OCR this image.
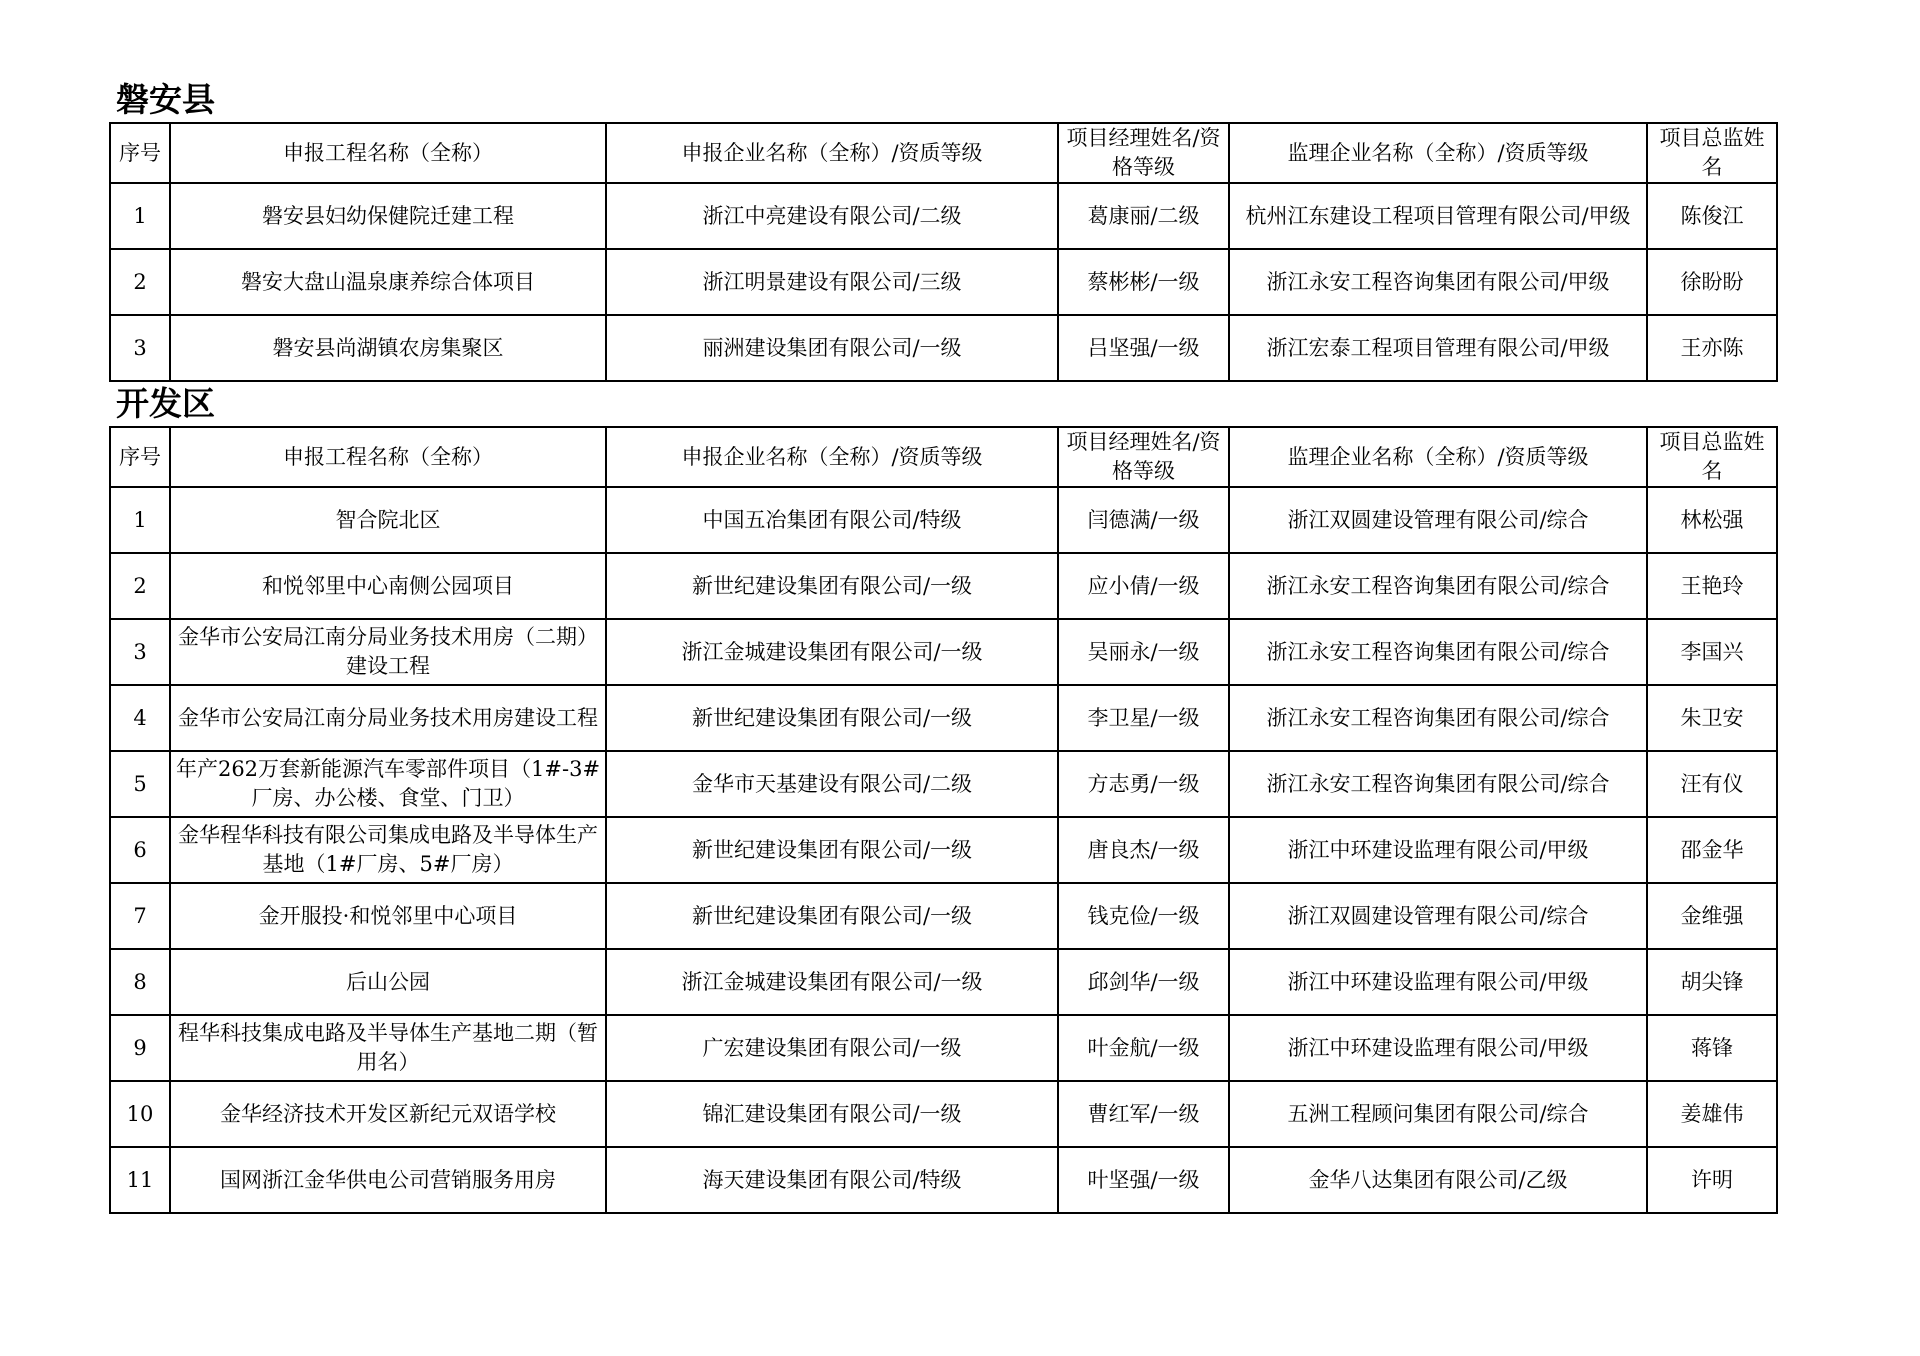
磐安县
序号	申报工程名称（全称）	申报企业名称（全称）/资质等级	项目经理姓名/资格等级	监理企业名称（全称）/资质等级	项目总监姓名
1	磐安县妇幼保健院迁建工程	浙江中亮建设有限公司/二级	葛康丽/二级	杭州江东建设工程项目管理有限公司/甲级	陈俊江
2	磐安大盘山温泉康养综合体项目	浙江明景建设有限公司/三级	蔡彬彬/一级	浙江永安工程咨询集团有限公司/甲级	徐盼盼
3	磐安县尚湖镇农房集聚区	丽洲建设集团有限公司/一级	吕坚强/一级	浙江宏泰工程项目管理有限公司/甲级	王亦陈
开发区
序号	申报工程名称（全称）	申报企业名称（全称）/资质等级	项目经理姓名/资格等级	监理企业名称（全称）/资质等级	项目总监姓名
1	智合院北区	中国五冶集团有限公司/特级	闫德满/一级	浙江双圆建设管理有限公司/综合	林松强
2	和悦邻里中心南侧公园项目	新世纪建设集团有限公司/一级	应小倩/一级	浙江永安工程咨询集团有限公司/综合	王艳玲
3	金华市公安局江南分局业务技术用房（二期）建设工程	浙江金城建设集团有限公司/一级	吴丽永/一级	浙江永安工程咨询集团有限公司/综合	李国兴
4	金华市公安局江南分局业务技术用房建设工程	新世纪建设集团有限公司/一级	李卫星/一级	浙江永安工程咨询集团有限公司/综合	朱卫安
5	年产262万套新能源汽车零部件项目（1#-3#厂房、办公楼、食堂、门卫）	金华市天基建设有限公司/二级	方志勇/一级	浙江永安工程咨询集团有限公司/综合	汪有仪
6	金华程华科技有限公司集成电路及半导体生产基地（1#厂房、5#厂房）	新世纪建设集团有限公司/一级	唐良杰/一级	浙江中环建设监理有限公司/甲级	邵金华
7	金开服投·和悦邻里中心项目	新世纪建设集团有限公司/一级	钱克俭/一级	浙江双圆建设管理有限公司/综合	金维强
8	后山公园	浙江金城建设集团有限公司/一级	邱剑华/一级	浙江中环建设监理有限公司/甲级	胡尖锋
9	程华科技集成电路及半导体生产基地二期（暂用名）	广宏建设集团有限公司/一级	叶金航/一级	浙江中环建设监理有限公司/甲级	蒋锋
10	金华经济技术开发区新纪元双语学校	锦汇建设集团有限公司/一级	曹红军/一级	五洲工程顾问集团有限公司/综合	姜雄伟
11	国网浙江金华供电公司营销服务用房	海天建设集团有限公司/特级	叶坚强/一级	金华八达集团有限公司/乙级	许明
